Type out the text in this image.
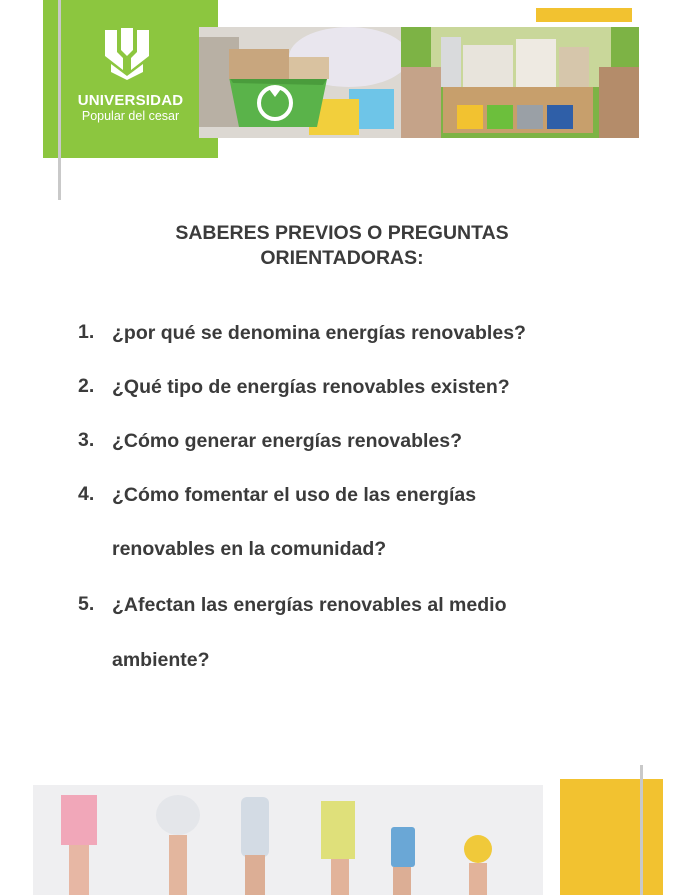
UNIVERSIDAD
Popular del cesar
SABERES PREVIOS O PREGUNTAS
ORIENTADORAS:
1. ¿por qué se denomina energías renovables?
2. ¿Qué tipo de energías renovables existen?
3. ¿Cómo generar energías renovables?
4. ¿Cómo fomentar el uso de las energías
renovables en la comunidad?
5. ¿Afectan las energías renovables al medio
ambiente?
